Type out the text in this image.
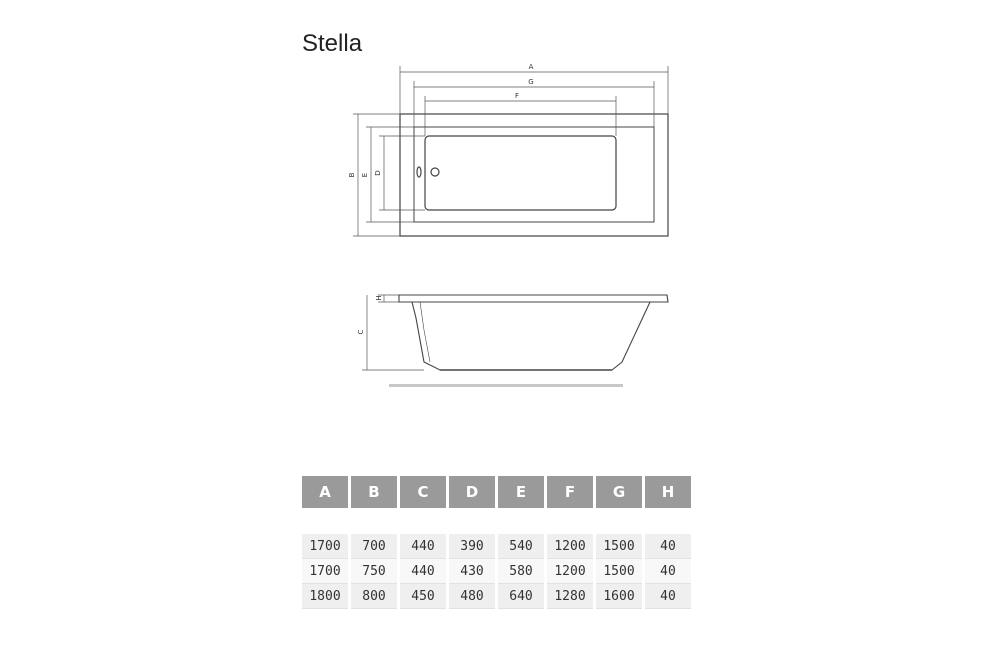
Stella
A
G
F
B E D
H
C
A	B	C	D	E	F	G	H

1700	700	440	390	540	1200	1500	40
1700	750	440	430	580	1200	1500	40
1800	800	450	480	640	1280	1600	40
